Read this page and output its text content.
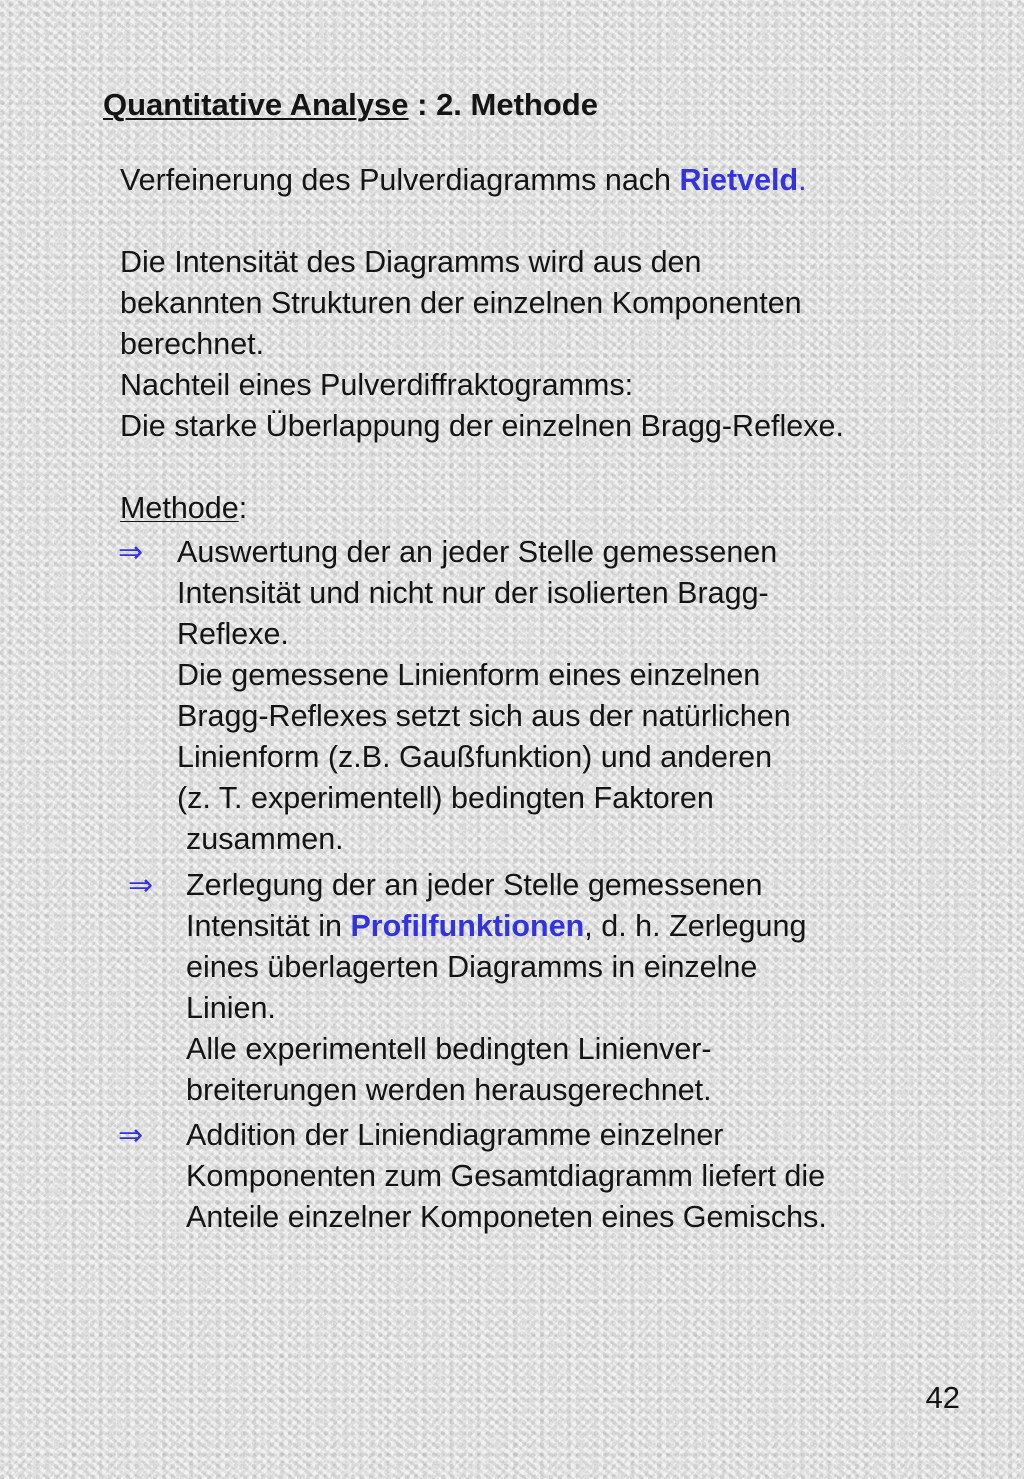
Quantitative Analyse : 2. Methode
Verfeinerung des Pulverdiagramms nach Rietveld.
Die Intensität des Diagramms wird aus den
bekannten Strukturen der einzelnen Komponenten
berechnet.
Nachteil eines Pulverdiffraktogramms:
Die starke Überlappung der einzelnen Bragg-Reflexe.
Methode:
⇒ Auswertung der an jeder Stelle gemessenen
Intensität und nicht nur der isolierten Bragg-
Reflexe.
Die gemessene Linienform eines einzelnen
Bragg-Reflexes setzt sich aus der natürlichen
Linienform (z.B. Gaußfunktion) und anderen
(z. T. experimentell) bedingten Faktoren
zusammen.
⇒ Zerlegung der an jeder Stelle gemessenen
Intensität in Profilfunktionen, d. h. Zerlegung
eines überlagerten Diagramms in einzelne
Linien.
Alle experimentell bedingten Linienver-
breiterungen werden herausgerechnet.
⇒ Addition der Liniendiagramme einzelner
Komponenten zum Gesamtdiagramm liefert die
Anteile einzelner Komponeten eines Gemischs.
42
